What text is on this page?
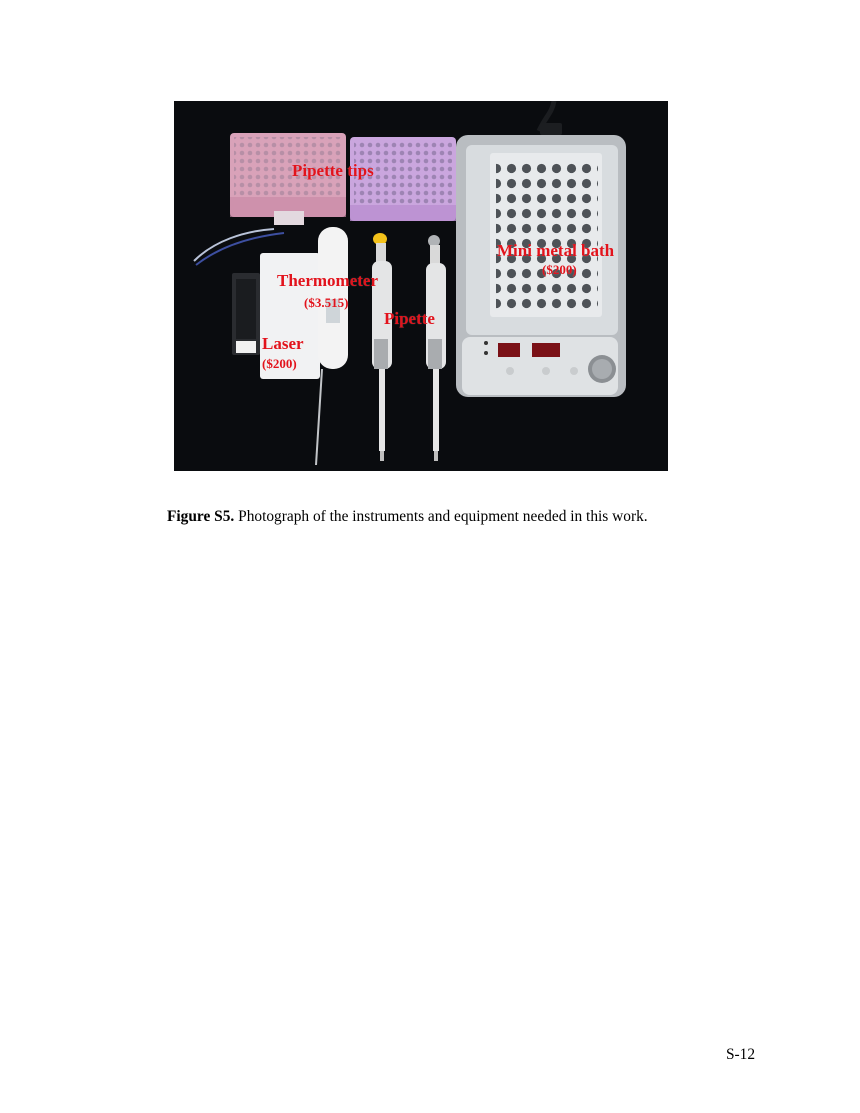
Pipette tips
Mini metal bath
($200)
Thermometer
($3.515)
Pipette
Laser
($200)
Figure S5. Photograph of the instruments and equipment needed in this work.
S-12
